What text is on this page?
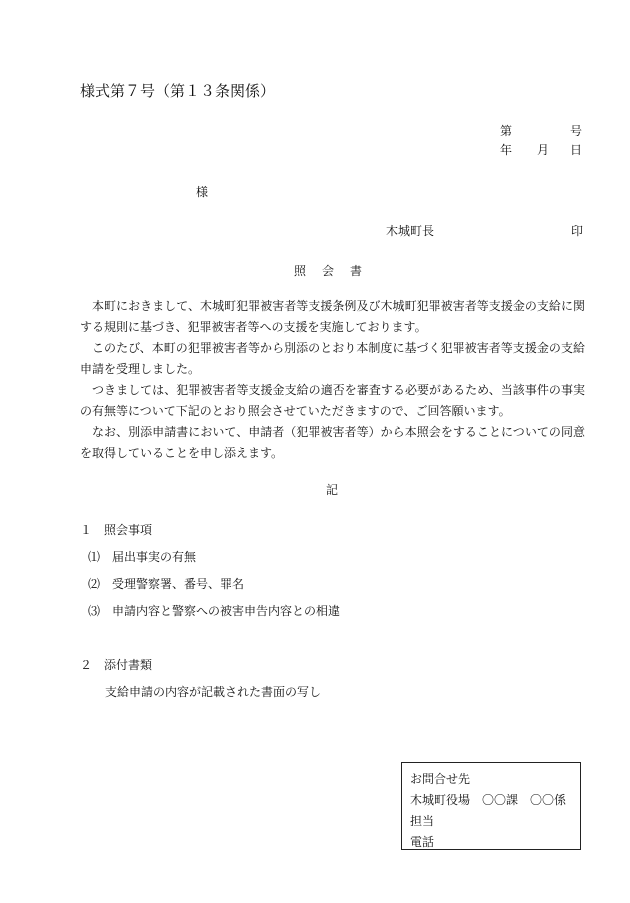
様式第７号（第１３条関係）
第	号
年 月 日
様
木城町長	印
照　会　書
本町におきまして、木城町犯罪被害者等支援条例及び木城町犯罪被害者等支援金の支給に関する規則に基づき、犯罪被害者等への支援を実施しております。
このたび、本町の犯罪被害者等から別添のとおり本制度に基づく犯罪被害者等支援金の支給申請を受理しました。
つきましては、犯罪被害者等支援金支給の適否を審査する必要があるため、当該事件の事実の有無等について下記のとおり照会させていただきますので、ご回答願います。
なお、別添申請書において、申請者（犯罪被害者等）から本照会をすることについての同意を取得していることを申し添えます。
記
１　照会事項
⑴　届出事実の有無
⑵　受理警察署、番号、罪名
⑶　申請内容と警察への被害申告内容との相違
２　添付書類
支給申請の内容が記載された書面の写し
お問合せ先
木城町役場　〇〇課　〇〇係
担当
電話
